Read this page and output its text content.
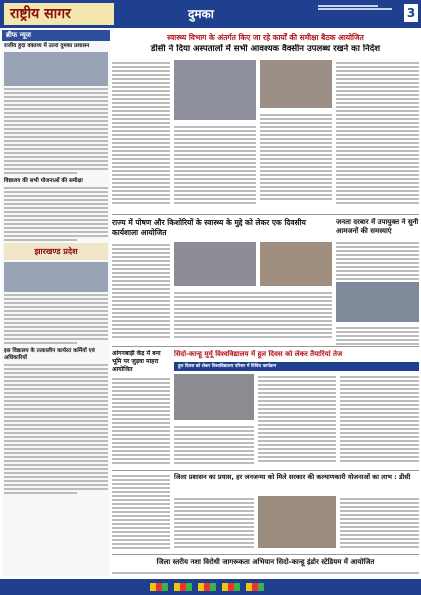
राष्ट्रीय सागर	दुमका	3
ब्रीफ न्यूज
राजीव हुदा वक्तव्य में उतरा दुमका प्रशासन
विद्यालय की सभी योजनाओं की समीक्षा
झारखण्ड प्रदेश
इस विद्यालय के तत्कालीन कार्यरत कर्मियों एवं अधिकारियों
स्वास्थ्य विभाग के अंतर्गत किए जा रहे कार्यों की समीक्षा बैठक आयोजित
डीसी ने दिया अस्पतालों में सभी आवश्यक वैक्सीन उपलब्ध रखने का निर्देश
राज्य में पोषण और किशोरियों के स्वास्थ्य के मुद्दे को लेकर एक दिवसीय कार्यशाला आयोजित
जनता दरबार में उपायुक्त ने सुनी आमजनों की समस्याएं
आंगनबाड़ी केंद्र में बना भूमि पर जुड़वा माहरा आयोजित
सिदो-कान्हू मुर्मू विश्वविद्यालय में हूल दिवस को लेकर तैयारियां तेज
हूल दिवस को लेकर विश्वविद्यालय परिसर में विविध कार्यक्रम
जिला प्रशासन का प्रयास, हर जनजन्मा को मिले सरकार की कल्याणकारी योजनाओं का लाभ : डीसी
जिला स्तरीय नशा विरोधी जागरूकता अभियान सिदो-कान्हू इंडोर स्टेडियम में आयोजित
